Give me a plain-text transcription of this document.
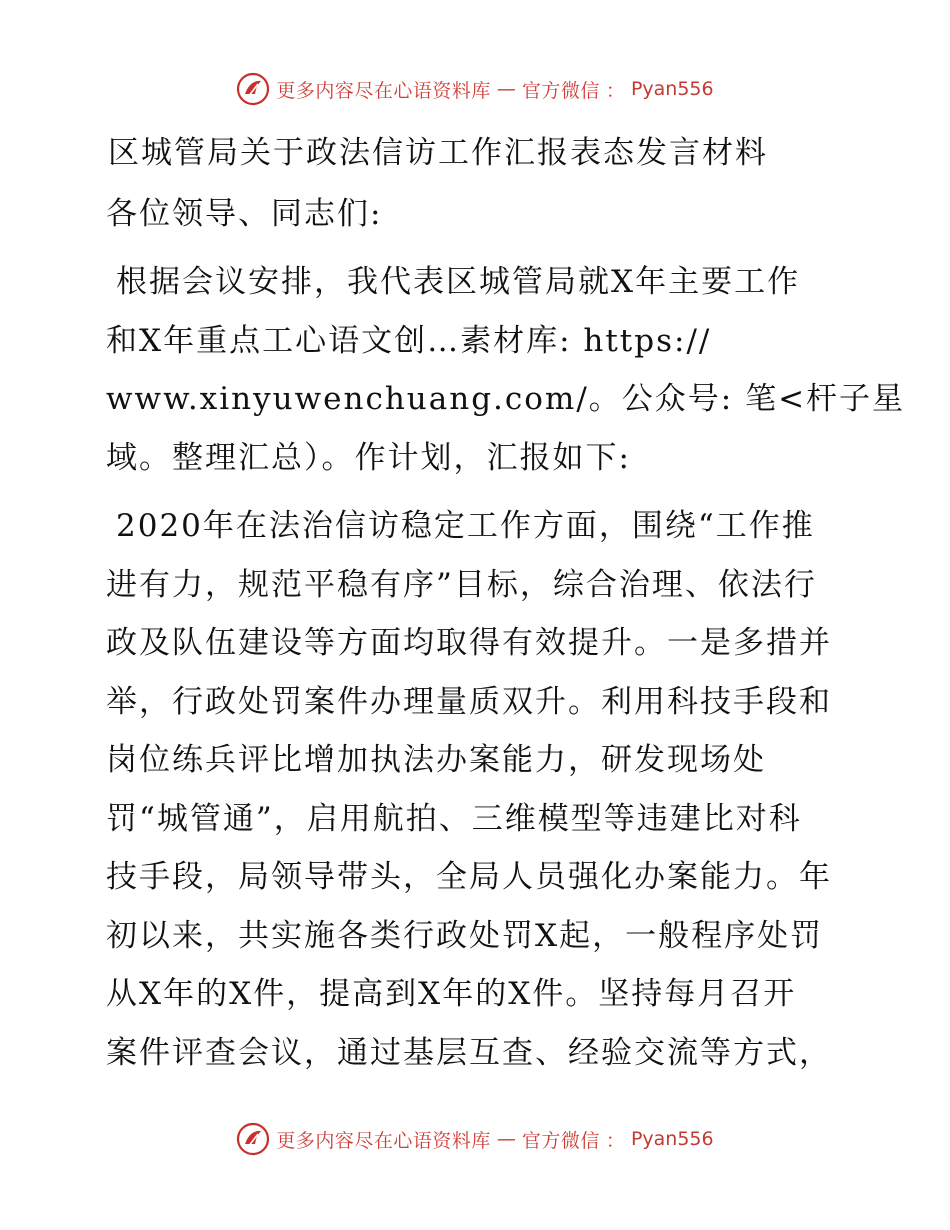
更多内容尽在心语资料库 — 官方微信 ： Pyan556
区城管局关于政法信访工作汇报表态发言材料
各位领导、同志们:
根据会议安排，我代表区城管局就X年主要工作
和X年重点工心语文创…素材库: https://
www.xinyuwenchuang.com/。公众号: 笔<杆子星
域。整理汇总）。作计划，汇报如下:
2020年在法治信访稳定工作方面，围绕“工作推
进有力，规范平稳有序”目标，综合治理、依法行
政及队伍建设等方面均取得有效提升。一是多措并
举，行政处罚案件办理量质双升。利用科技手段和
岗位练兵评比增加执法办案能力，研发现场处
罚“城管通”，启用航拍、三维模型等违建比对科
技手段，局领导带头，全局人员强化办案能力。年
初以来，共实施各类行政处罚X起，一般程序处罚
从X年的X件，提高到X年的X件。坚持每月召开
案件评查会议，通过基层互查、经验交流等方式，
更多内容尽在心语资料库 — 官方微信 ： Pyan556
